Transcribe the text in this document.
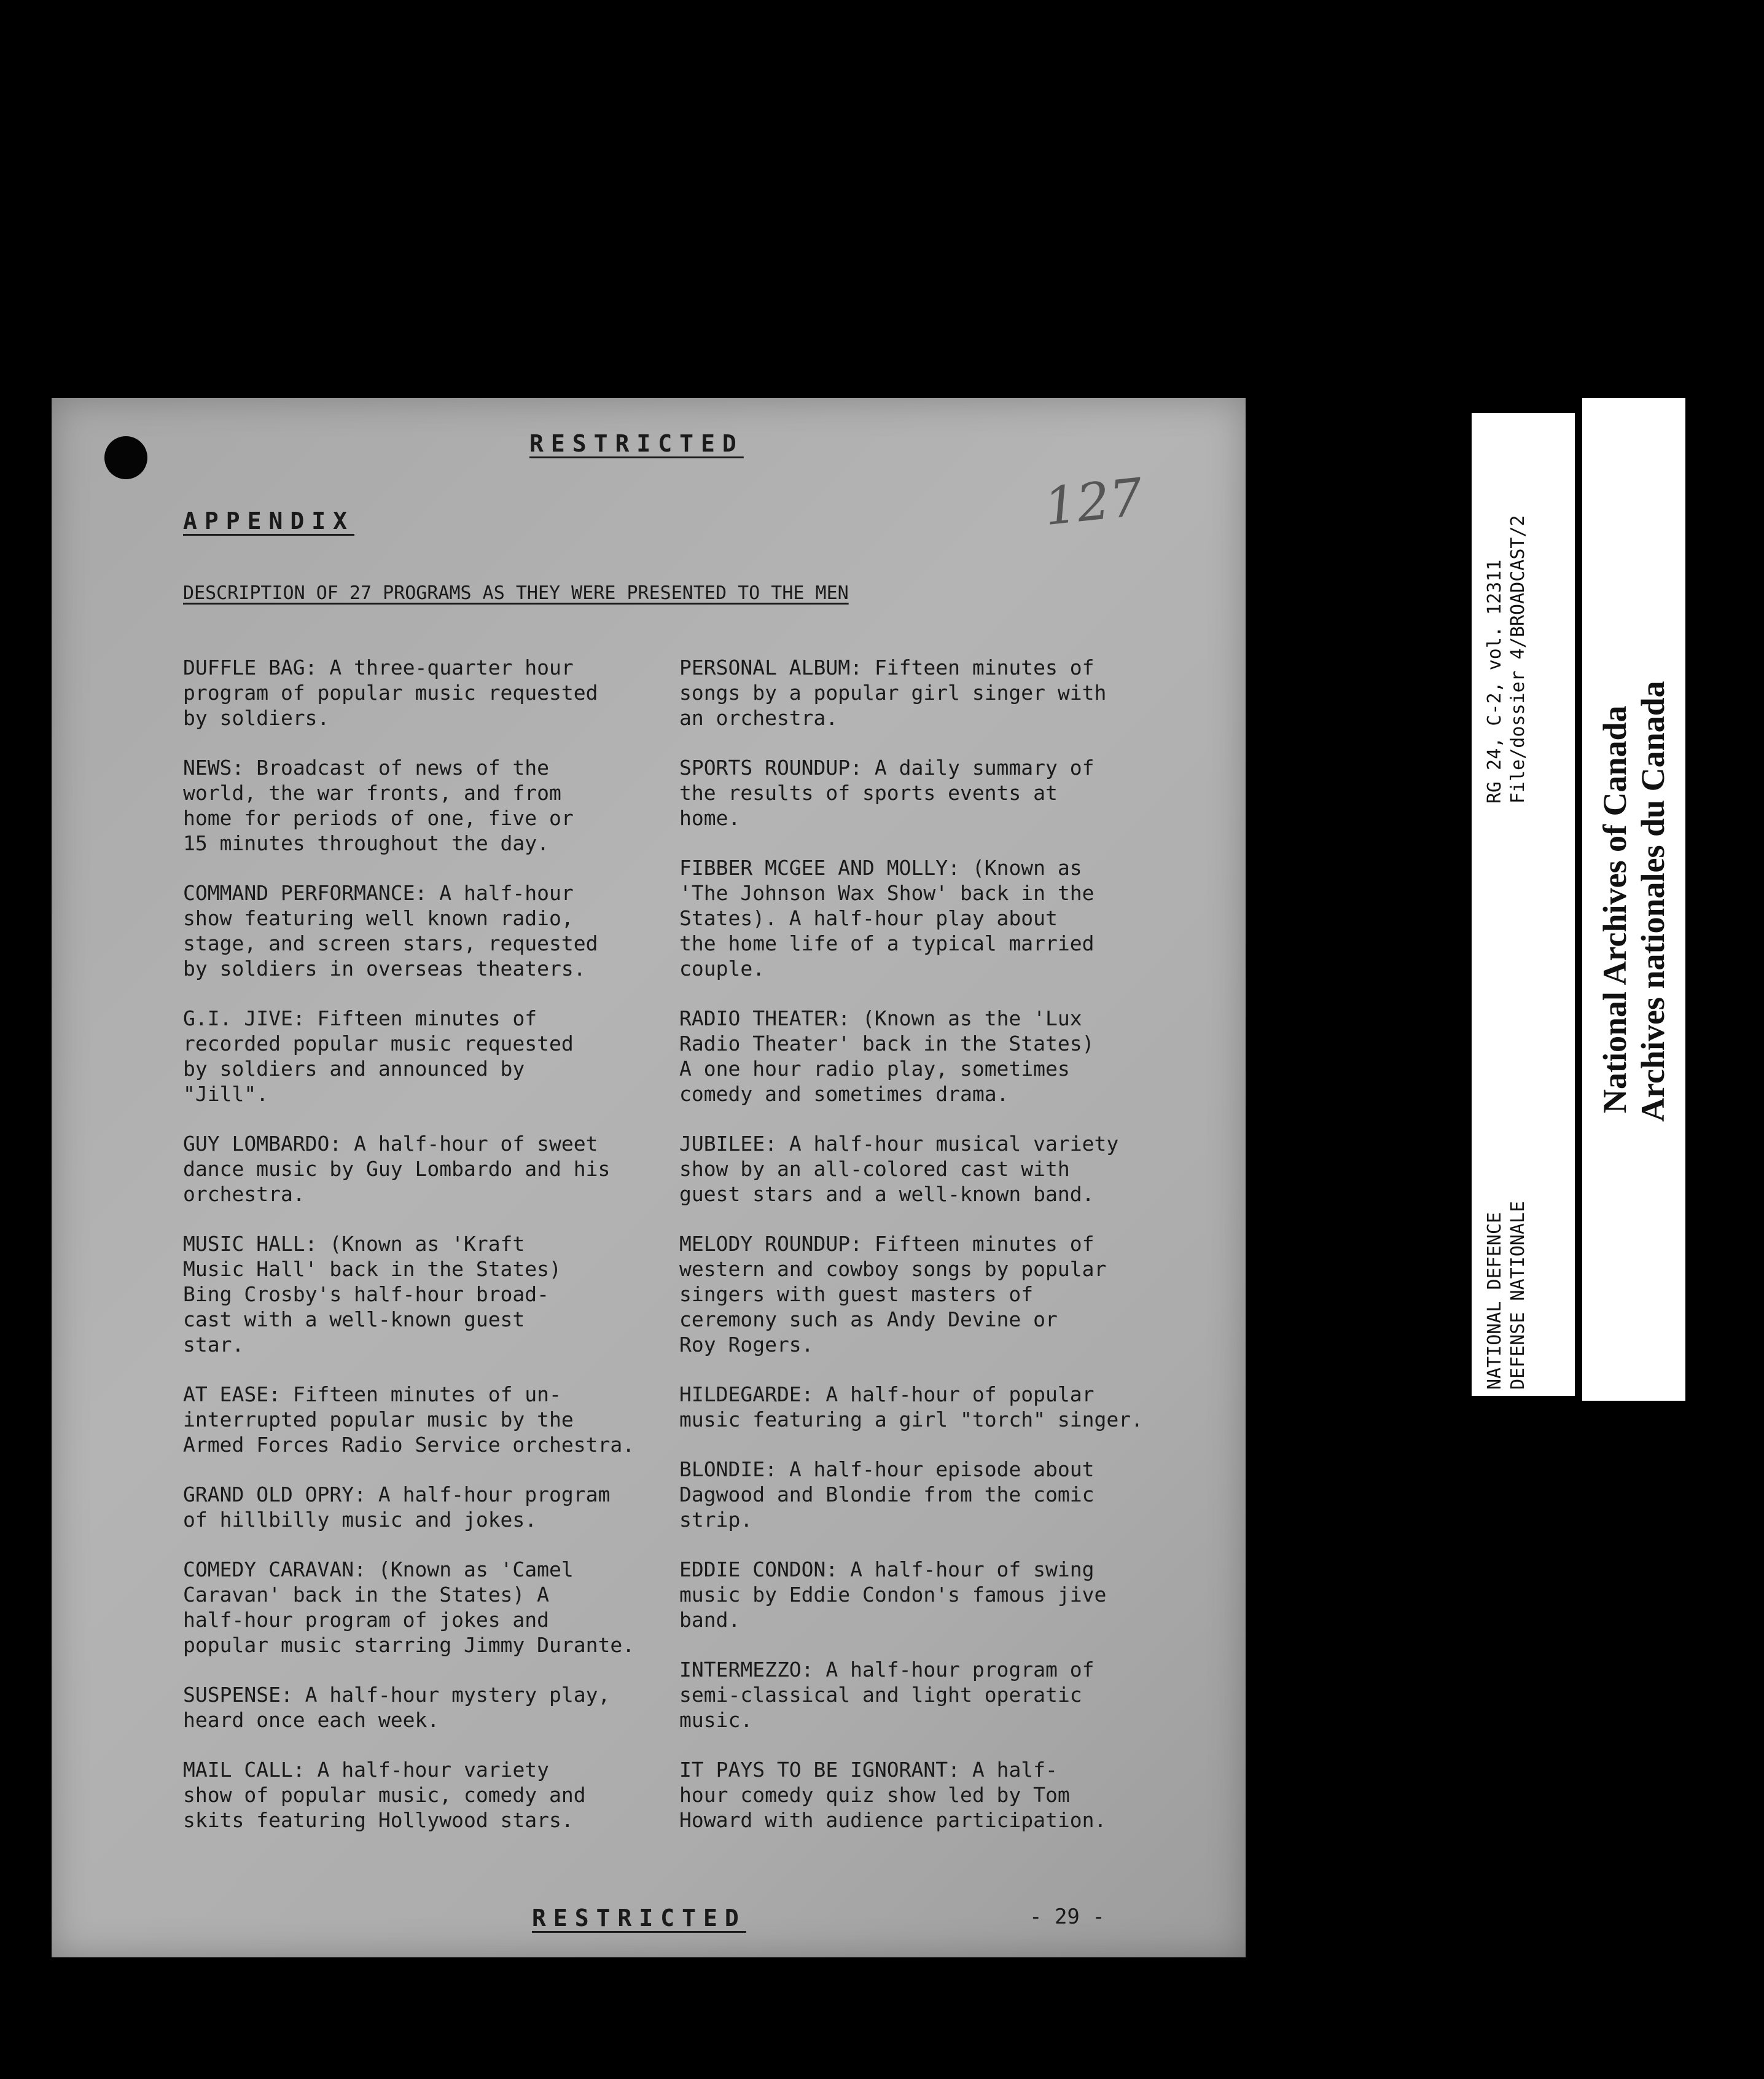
RESTRICTED
APPENDIX	127
DESCRIPTION OF 27 PROGRAMS AS THEY WERE PRESENTED TO THE MEN
DUFFLE BAG: A three-quarter hour
program of popular music requested
by soldiers.
NEWS: Broadcast of news of the
world, the war fronts, and from
home for periods of one, five or
15 minutes throughout the day.
COMMAND PERFORMANCE: A half-hour
show featuring well known radio,
stage, and screen stars, requested
by soldiers in overseas theaters.
G.I. JIVE: Fifteen minutes of
recorded popular music requested
by soldiers and announced by
"Jill".
GUY LOMBARDO: A half-hour of sweet
dance music by Guy Lombardo and his
orchestra.
MUSIC HALL: (Known as 'Kraft
Music Hall' back in the States)
Bing Crosby's half-hour broad-
cast with a well-known guest
star.
AT EASE: Fifteen minutes of un-
interrupted popular music by the
Armed Forces Radio Service orchestra.
GRAND OLD OPRY: A half-hour program
of hillbilly music and jokes.
COMEDY CARAVAN: (Known as 'Camel
Caravan' back in the States) A
half-hour program of jokes and
popular music starring Jimmy Durante.
SUSPENSE: A half-hour mystery play,
heard once each week.
MAIL CALL: A half-hour variety
show of popular music, comedy and
skits featuring Hollywood stars.
PERSONAL ALBUM: Fifteen minutes of
songs by a popular girl singer with
an orchestra.
SPORTS ROUNDUP: A daily summary of
the results of sports events at
home.
FIBBER MCGEE AND MOLLY: (Known as
'The Johnson Wax Show' back in the
States). A half-hour play about
the home life of a typical married
couple.
RADIO THEATER: (Known as the 'Lux
Radio Theater' back in the States)
A one hour radio play, sometimes
comedy and sometimes drama.
JUBILEE: A half-hour musical variety
show by an all-colored cast with
guest stars and a well-known band.
MELODY ROUNDUP: Fifteen minutes of
western and cowboy songs by popular
singers with guest masters of
ceremony such as Andy Devine or
Roy Rogers.
HILDEGARDE: A half-hour of popular
music featuring a girl "torch" singer.
BLONDIE: A half-hour episode about
Dagwood and Blondie from the comic
strip.
EDDIE CONDON: A half-hour of swing
music by Eddie Condon's famous jive
band.
INTERMEZZO: A half-hour program of
semi-classical and light operatic
music.
IT PAYS TO BE IGNORANT: A half-
hour comedy quiz show led by Tom
Howard with audience participation.
RESTRICTED	- 29 -
RG 24, C-2, vol. 12311 File/dossier 4/BROADCAST/2
NATIONAL DEFENCE DEFENSE NATIONALE
National Archives of Canada Archives nationales du Canada
